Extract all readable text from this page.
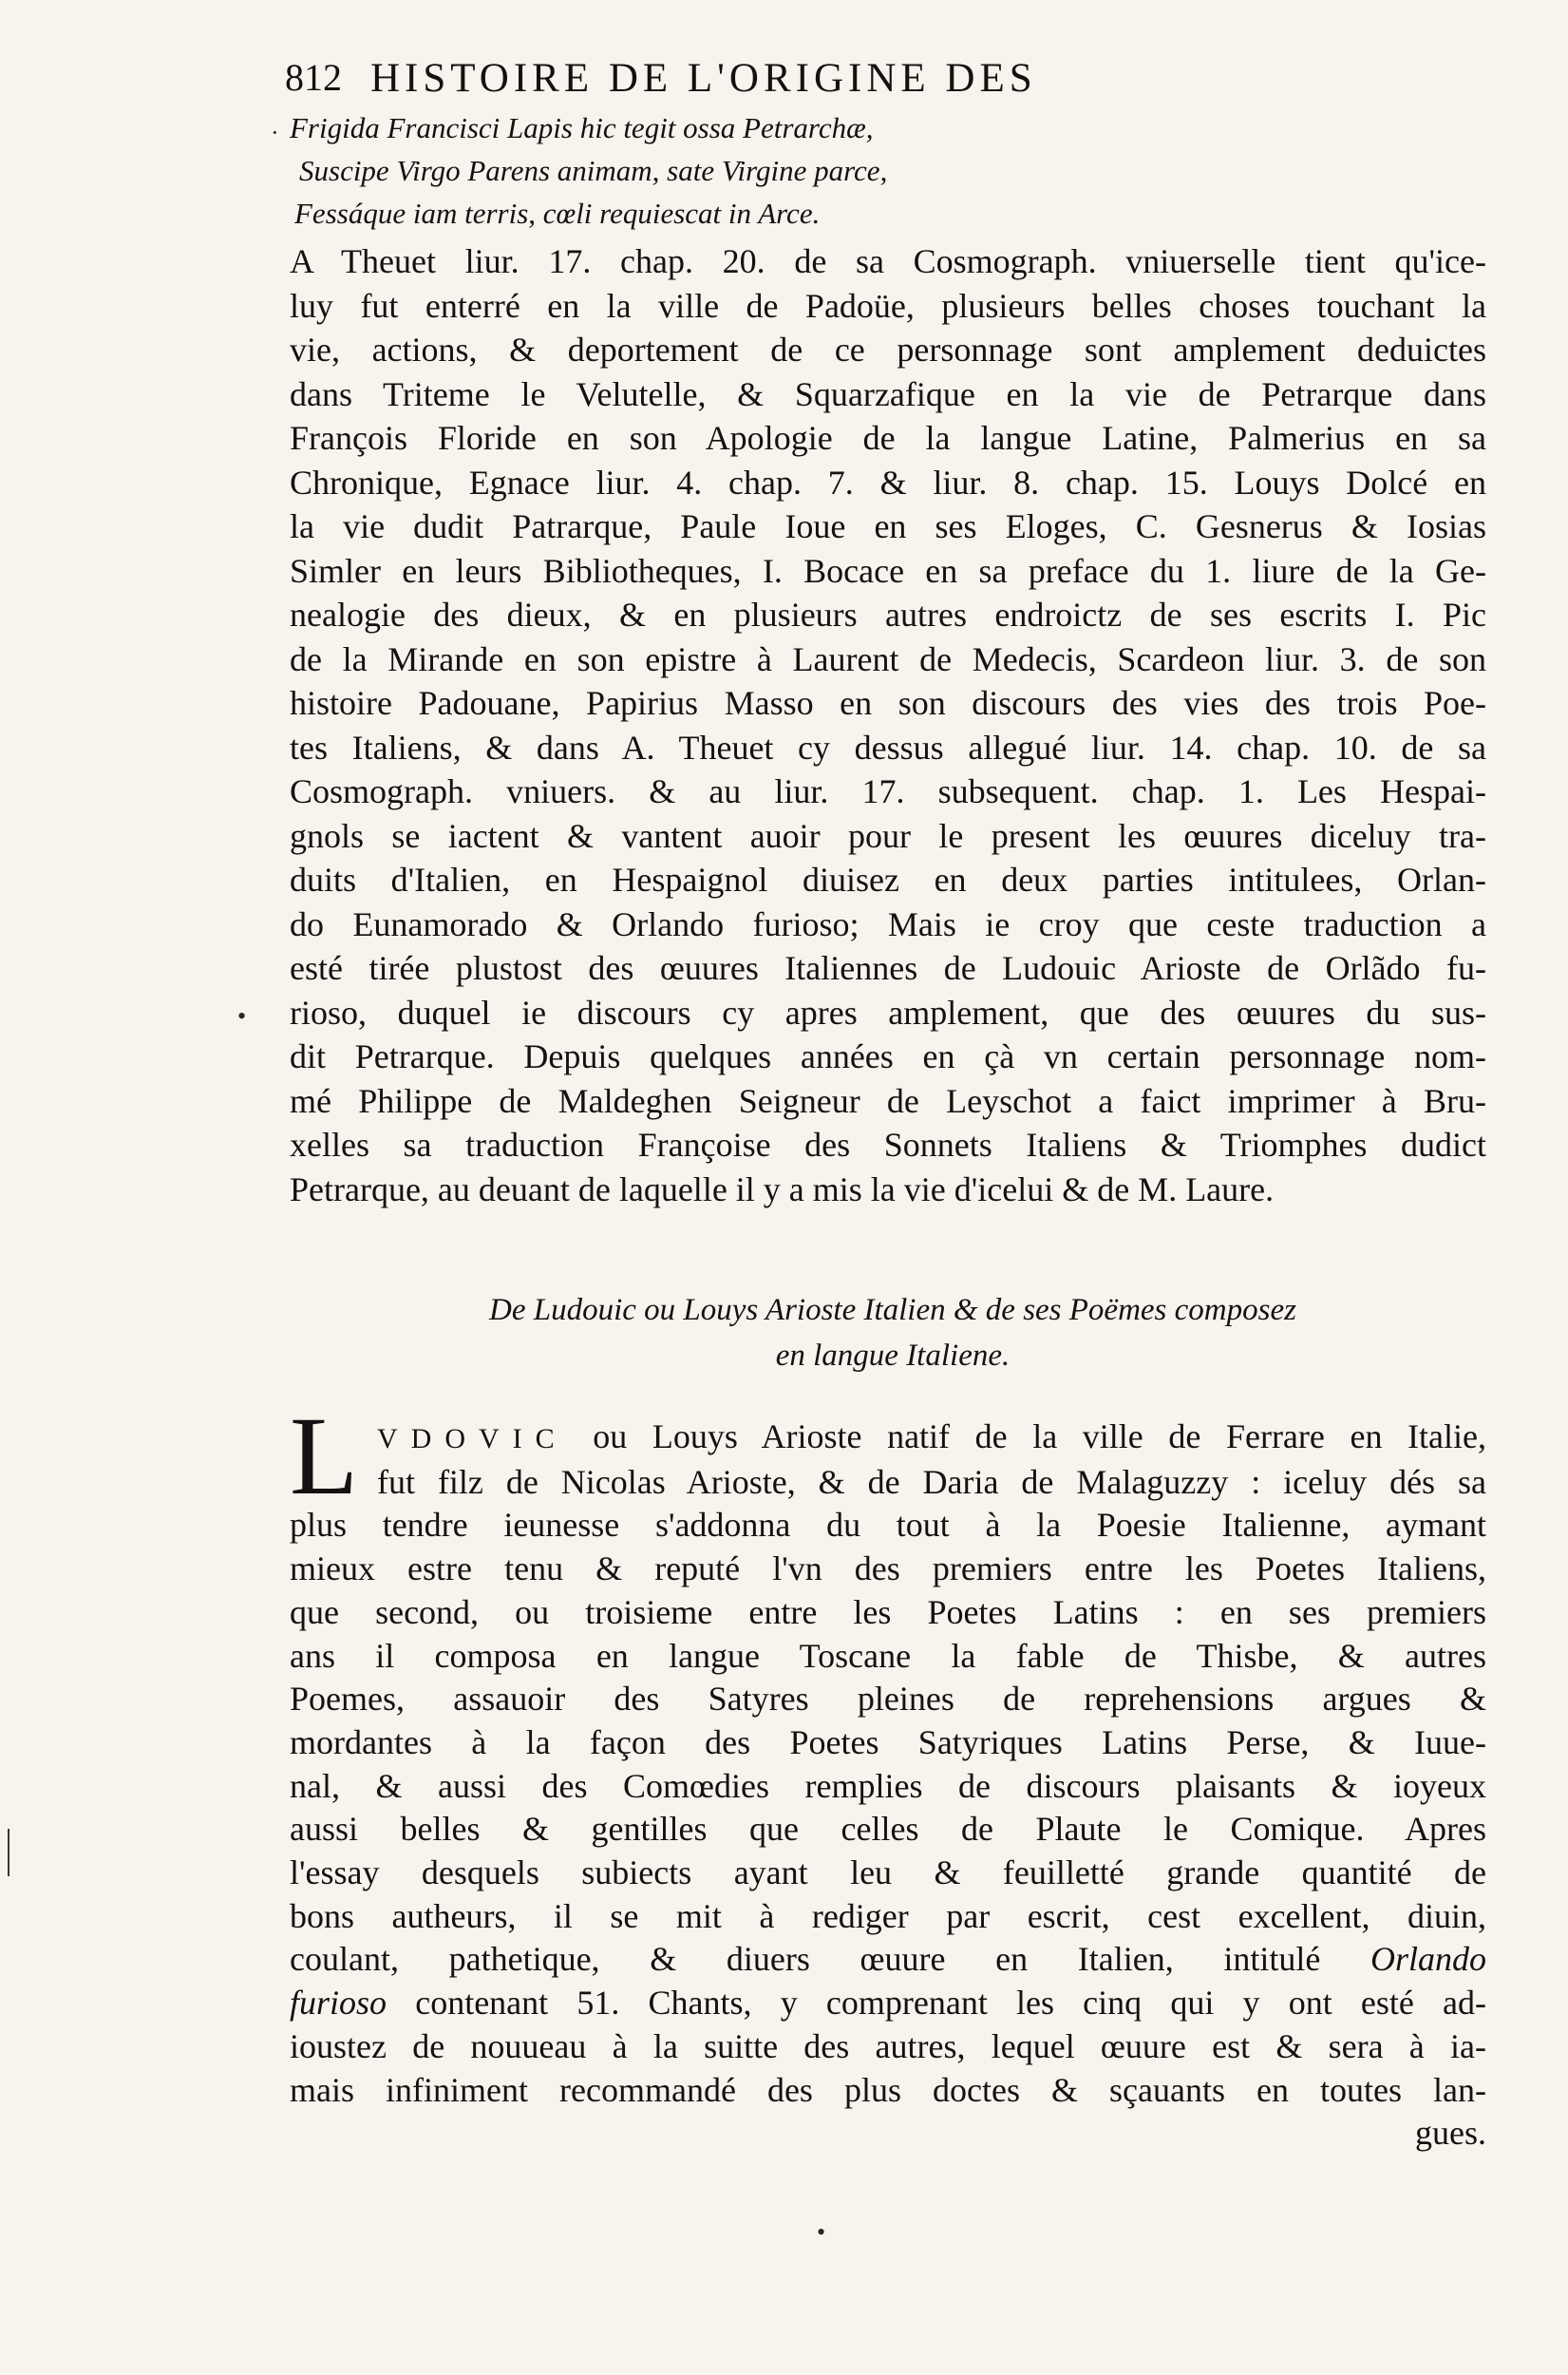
812 HISTOIRE DE L'ORIGINE DES
Frigida Francisci Lapis hic tegit ossa Petrarchæ,
Suscipe Virgo Parens animam, sate Virgine parce,
Fessáque iam terris, cœli requiescat in Arce.
A Theuet liur. 17. chap. 20. de sa Cosmograph. vniuerselle tient qu'ice-
luy fut enterré en la ville de Padoüe, plusieurs belles choses touchant la
vie, actions, & deportement de ce personnage sont amplement deduictes
dans Triteme le Velutelle, & Squarzafique en la vie de Petrarque dans
François Floride en son Apologie de la langue Latine, Palmerius en sa
Chronique, Egnace liur. 4. chap. 7. & liur. 8. chap. 15. Louys Dolcé en
la vie dudit Patrarque, Paule Ioue en ses Eloges, C. Gesnerus & Iosias
Simler en leurs Bibliotheques, I. Bocace en sa preface du 1. liure de la Ge-
nealogie des dieux, & en plusieurs autres endroictz de ses escrits I. Pic
de la Mirande en son epistre à Laurent de Medecis, Scardeon liur. 3. de son
histoire Padouane, Papirius Masso en son discours des vies des trois Poe-
tes Italiens, & dans A. Theuet cy dessus allegué liur. 14. chap. 10. de sa
Cosmograph. vniuers. & au liur. 17. subsequent. chap. 1. Les Hespai-
gnols se iactent & vantent auoir pour le present les œuures diceluy tra-
duits d'Italien, en Hespaignol diuisez en deux parties intitulees, Orlan-
do Eunamorado & Orlando furioso; Mais ie croy que ceste traduction a
esté tirée plustost des œuures Italiennes de Ludouic Arioste de Orlãdo fu-
rioso, duquel ie discours cy apres amplement, que des œuures du sus-
dit Petrarque. Depuis quelques années en çà vn certain personnage nom-
mé Philippe de Maldeghen Seigneur de Leyschot a faict imprimer à Bru-
xelles sa traduction Françoise des Sonnets Italiens & Triomphes dudict
Petrarque, au deuant de laquelle il y a mis la vie d'icelui & de M. Laure.
De Ludouic ou Louys Arioste Italien & de ses Poëmes composez
en langue Italiene.
L VDOVIC ou Louys Arioste natif de la ville de Ferrare en Italie,
fut filz de Nicolas Arioste, & de Daria de Malaguzzy : iceluy dés sa
plus tendre ieunesse s'addonna du tout à la Poesie Italienne, aymant
mieux estre tenu & reputé l'vn des premiers entre les Poetes Italiens,
que second, ou troisieme entre les Poetes Latins : en ses premiers
ans il composa en langue Toscane la fable de Thisbe, & autres
Poemes, assauoir des Satyres pleines de reprehensions argues &
mordantes à la façon des Poetes Satyriques Latins Perse, & Iuue-
nal, & aussi des Comœdies remplies de discours plaisants & ioyeux
aussi belles & gentilles que celles de Plaute le Comique. Apres
l'essay desquels subiects ayant leu & feuilletté grande quantité de
bons autheurs, il se mit à rediger par escrit, cest excellent, diuin,
coulant, pathetique, & diuers œuure en Italien, intitulé Orlando
furioso contenant 51. Chants, y comprenant les cinq qui y ont esté ad-
ioustez de nouueau à la suitte des autres, lequel œuure est & sera à ia-
mais infiniment recommandé des plus doctes & sçauants en toutes lan-
gues.
·
•
•
